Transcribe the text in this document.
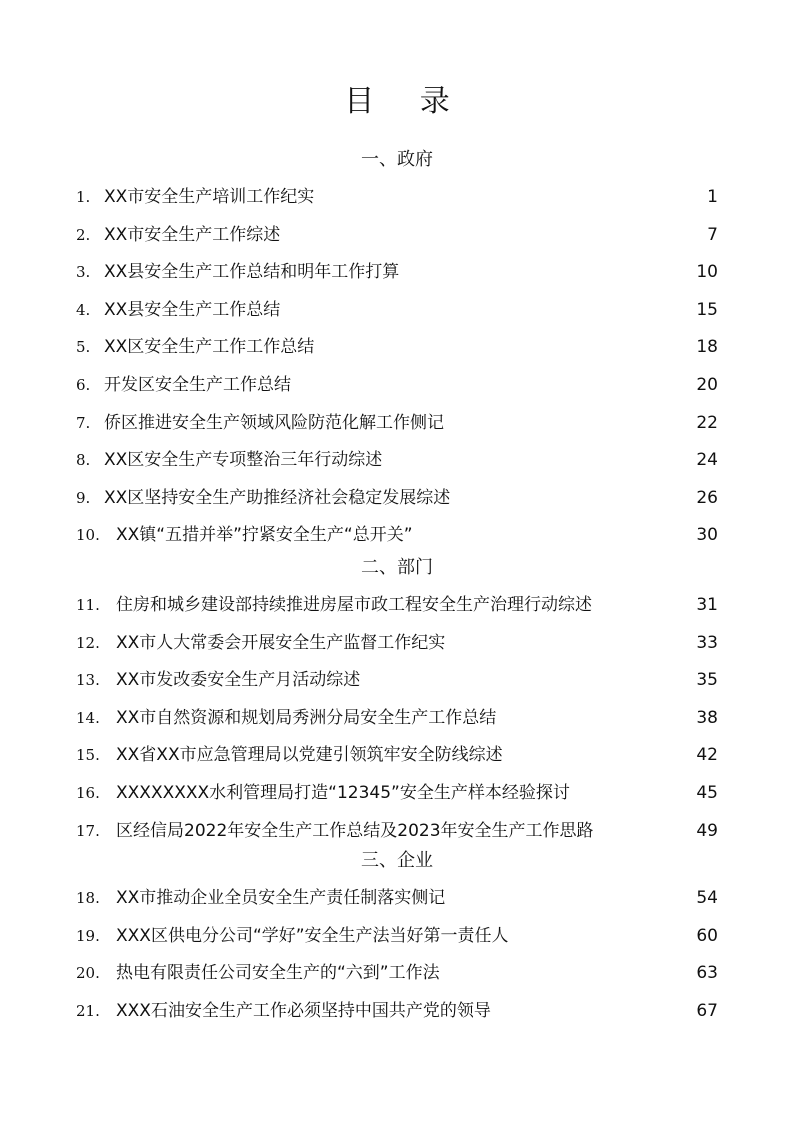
目 录
一、政府
1. XX市安全生产培训工作纪实	1
2. XX市安全生产工作综述	7
3. XX县安全生产工作总结和明年工作打算	10
4. XX县安全生产工作总结	15
5. XX区安全生产工作工作总结	18
6. 开发区安全生产工作总结	20
7. 侨区推进安全生产领域风险防范化解工作侧记	22
8. XX区安全生产专项整治三年行动综述	24
9. XX区坚持安全生产助推经济社会稳定发展综述	26
10. XX镇“五措并举”拧紧安全生产“总开关”	30
二、部门
11. 住房和城乡建设部持续推进房屋市政工程安全生产治理行动综述	31
12. XX市人大常委会开展安全生产监督工作纪实	33
13. XX市发改委安全生产月活动综述	35
14. XX市自然资源和规划局秀洲分局安全生产工作总结	38
15. XX省XX市应急管理局以党建引领筑牢安全防线综述	42
16. XXXXXXXX水利管理局打造“12345”安全生产样本经验探讨	45
17. 区经信局2022年安全生产工作总结及2023年安全生产工作思路	49
三、企业
18. XX市推动企业全员安全生产责任制落实侧记	54
19. XXX区供电分公司“学好”安全生产法当好第一责任人	60
20. 热电有限责任公司安全生产的“六到”工作法	63
21. XXX石油安全生产工作必须坚持中国共产党的领导	67
